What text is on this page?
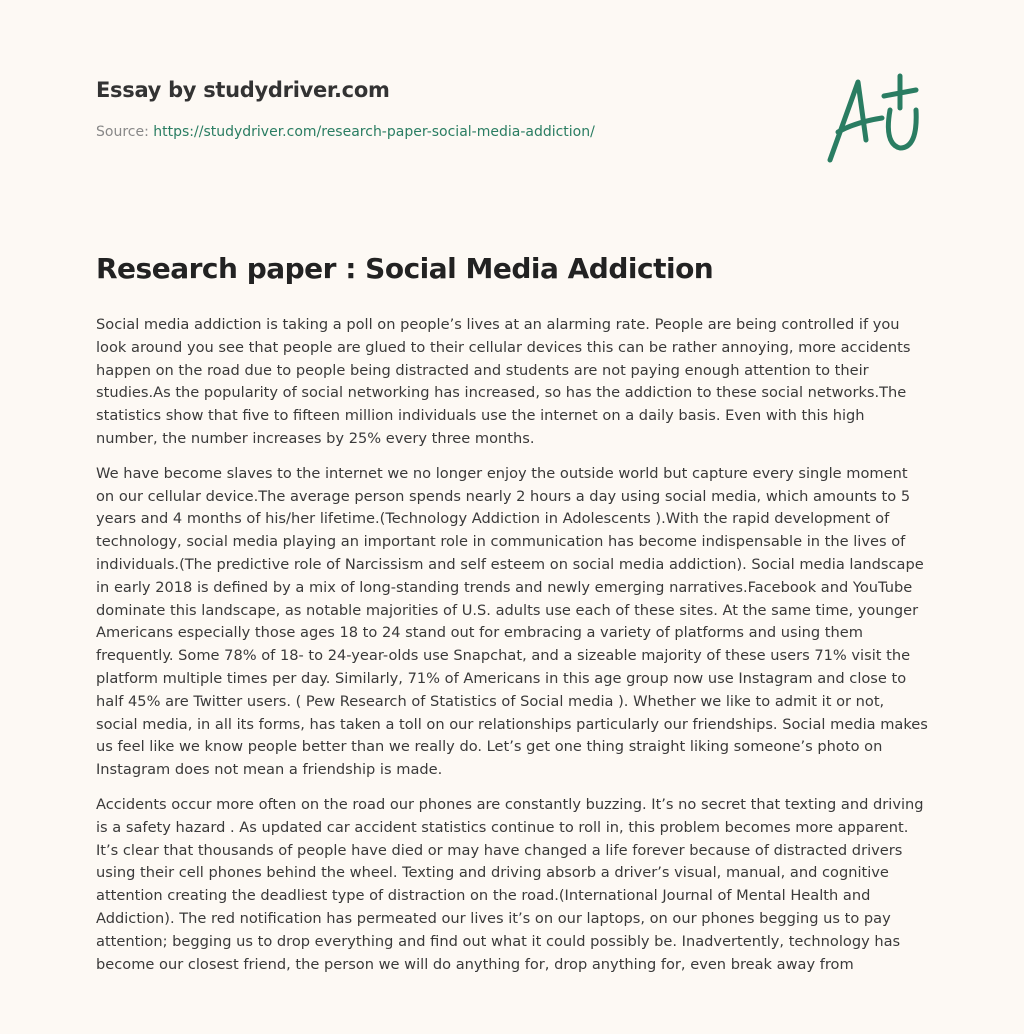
Essay by studydriver.com
Source: https://studydriver.com/research-paper-social-media-addiction/
Research paper : Social Media Addiction

Social media addiction is taking a poll on people’s lives at an alarming rate. People are being controlled if you look around you see that people are glued to their cellular devices this can be rather annoying, more accidents happen on the road due to people being distracted and students are not paying enough attention to their studies.As the popularity of social networking has increased, so has the addiction to these social networks.The statistics show that five to fifteen million individuals use the internet on a daily basis. Even with this high number, the number increases by 25% every three months.

We have become slaves to the internet we no longer enjoy the outside world but capture every single moment on our cellular device.The average person spends nearly 2 hours a day using social media, which amounts to 5 years and 4 months of his/her lifetime.(Technology Addiction in Adolescents ).With the rapid development of technology, social media playing an important role in communication has become indispensable in the lives of individuals.(The predictive role of Narcissism and self esteem on social media addiction). Social media landscape in early 2018 is defined by a mix of long-standing trends and newly emerging narratives.Facebook and YouTube dominate this landscape, as notable majorities of U.S. adults use each of these sites. At the same time, younger Americans especially those ages 18 to 24 stand out for embracing a variety of platforms and using them frequently. Some 78% of 18- to 24-year-olds use Snapchat, and a sizeable majority of these users 71% visit the platform multiple times per day. Similarly, 71% of Americans in this age group now use Instagram and close to half 45% are Twitter users. ( Pew Research of Statistics of Social media ). Whether we like to admit it or not, social media, in all its forms, has taken a toll on our relationships particularly our friendships. Social media makes us feel like we know people better than we really do. Let’s get one thing straight liking someone’s photo on Instagram does not mean a friendship is made.

Accidents occur more often on the road our phones are constantly buzzing. It’s no secret that texting and driving is a safety hazard . As updated car accident statistics continue to roll in, this problem becomes more apparent. It’s clear that thousands of people have died or may have changed a life forever because of distracted drivers using their cell phones behind the wheel. Texting and driving absorb a driver’s visual, manual, and cognitive attention creating the deadliest type of distraction on the road.(International Journal of Mental Health and Addiction). The red notification has permeated our lives it’s on our laptops, on our phones begging us to pay attention; begging us to drop everything and find out what it could possibly be. Inadvertently, technology has become our closest friend, the person we will do anything for, drop anything for, even break away from
